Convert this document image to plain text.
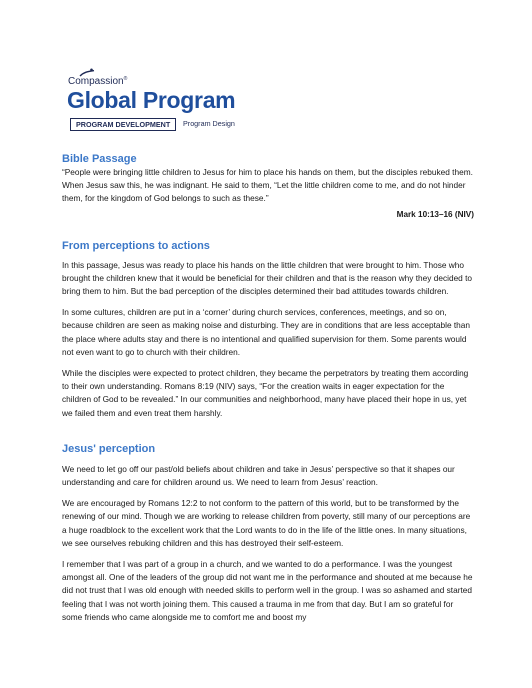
Compassion®
Global Program
PROGRAM DEVELOPMENT	Program Design
Bible Passage

“People were bringing little children to Jesus for him to place his hands on them, but the disciples rebuked them. When Jesus saw this, he was indignant. He said to them, “Let the little children come to me, and do not hinder them, for the kingdom of God belongs to such as these.”

Mark 10:13–16 (NIV)

From perceptions to actions

In this passage, Jesus was ready to place his hands on the little children that were brought to him. Those who brought the children knew that it would be beneficial for their children and that is the reason why they decided to bring them to him. But the bad perception of the disciples determined their bad attitudes towards children.

In some cultures, children are put in a ‘corner’ during church services, conferences, meetings, and so on, because children are seen as making noise and disturbing. They are in conditions that are less acceptable than the place where adults stay and there is no intentional and qualified supervision for them. Some parents would not even want to go to church with their children.

While the disciples were expected to protect children, they became the perpetrators by treating them according to their own understanding. Romans 8:19 (NIV) says, “For the creation waits in eager expectation for the children of God to be revealed.” In our communities and neighborhood, many have placed their hope in us, yet we failed them and even treat them harshly.

Jesus' perception

We need to let go off our past/old beliefs about children and take in Jesus’ perspective so that it shapes our understanding and care for children around us. We need to learn from Jesus’ reaction.

We are encouraged by Romans 12:2 to not conform to the pattern of this world, but to be transformed by the renewing of our mind. Though we are working to release children from poverty, still many of our perceptions are a huge roadblock to the excellent work that the Lord wants to do in the life of the little ones. In many situations, we see ourselves rebuking children and this has destroyed their self-esteem.

I remember that I was part of a group in a church, and we wanted to do a performance. I was the youngest amongst all. One of the leaders of the group did not want me in the performance and shouted at me because he did not trust that I was old enough with needed skills to perform well in the group. I was so ashamed and started feeling that I was not worth joining them. This caused a trauma in me from that day. But I am so grateful for some friends who came alongside me to comfort me and boost my
